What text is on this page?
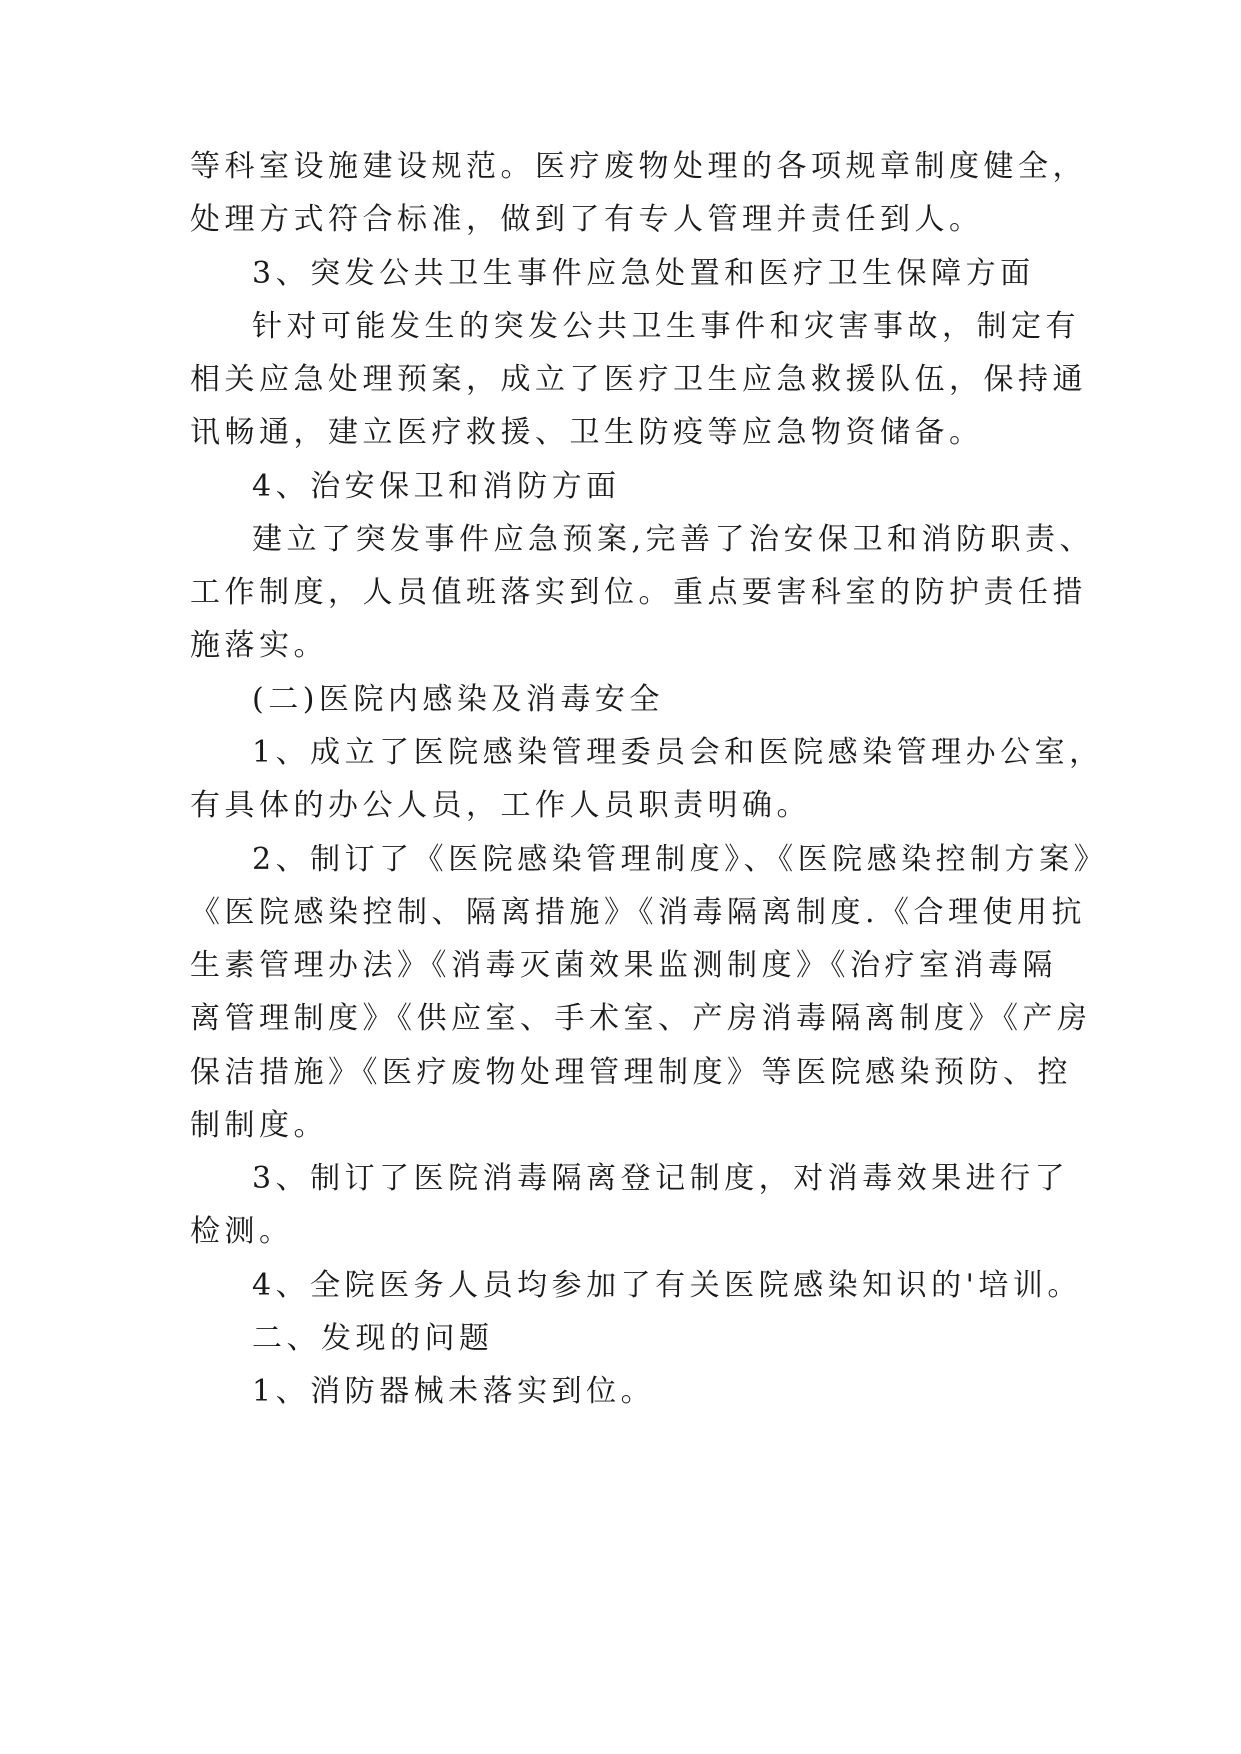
等科室设施建设规范。医疗废物处理的各项规章制度健全，
处理方式符合标准，做到了有专人管理并责任到人。
3、突发公共卫生事件应急处置和医疗卫生保障方面
针对可能发生的突发公共卫生事件和灾害事故，制定有
相关应急处理预案，成立了医疗卫生应急救援队伍，保持通
讯畅通，建立医疗救援、卫生防疫等应急物资储备。
4、治安保卫和消防方面
建立了突发事件应急预案,完善了治安保卫和消防职责、
工作制度，人员值班落实到位。重点要害科室的防护责任措
施落实。
(二)医院内感染及消毒安全
1、成立了医院感染管理委员会和医院感染管理办公室，
有具体的办公人员，工作人员职责明确。
2、制订了《医院感染管理制度》、《医院感染控制方案》
《医院感染控制、隔离措施》《消毒隔离制度.《合理使用抗
生素管理办法》《消毒灭菌效果监测制度》《治疗室消毒隔
离管理制度》《供应室、手术室、产房消毒隔离制度》《产房
保洁措施》《医疗废物处理管理制度》等医院感染预防、控
制制度。
3、制订了医院消毒隔离登记制度，对消毒效果进行了
检测。
4、全院医务人员均参加了有关医院感染知识的'培训。
二、发现的问题
1、消防器械未落实到位。
